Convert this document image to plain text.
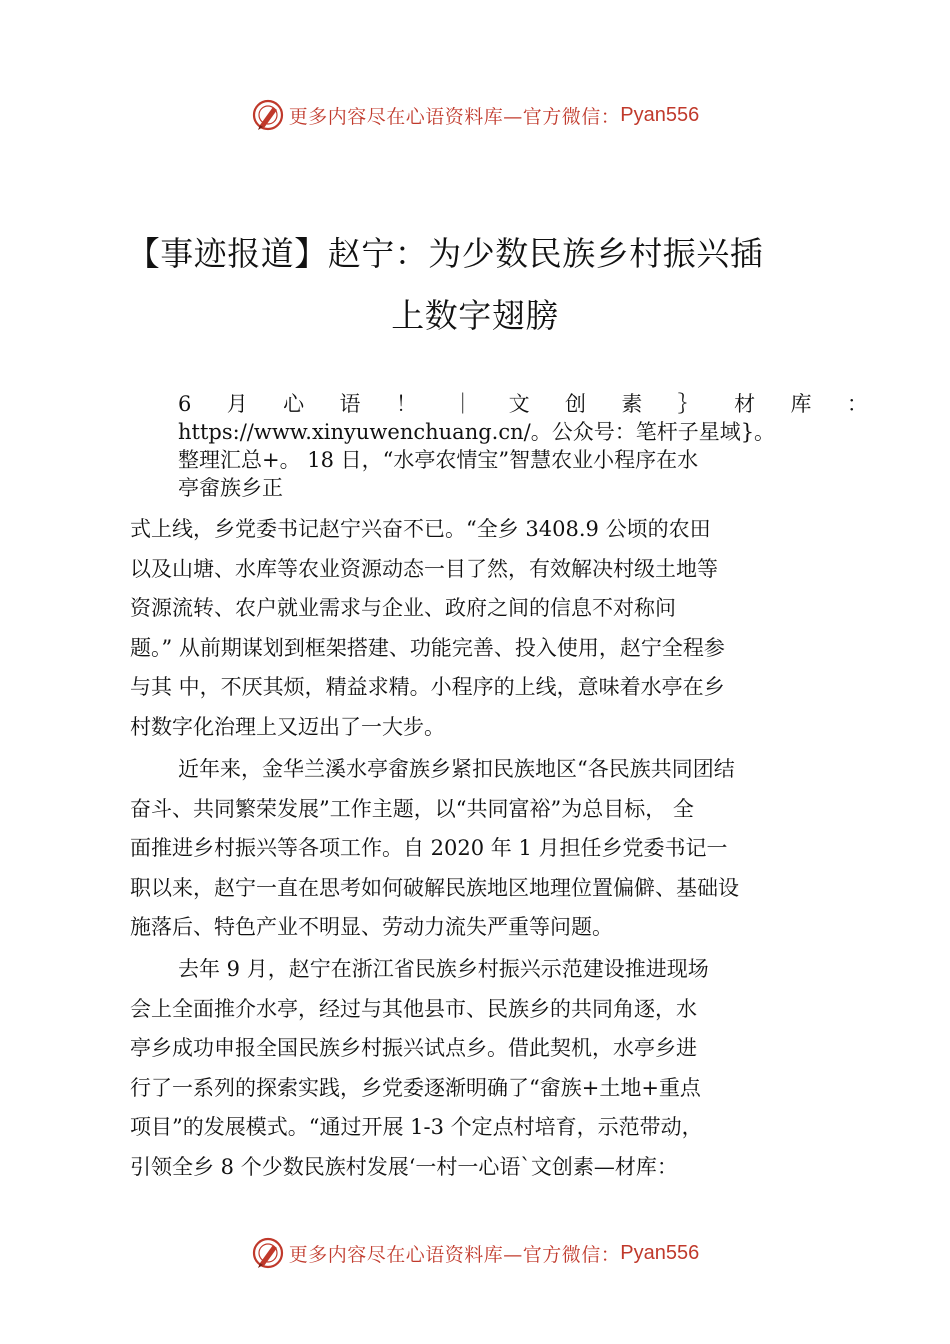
更多内容尽在心语资料库—官方微信： Pyan556
【事迹报道】赵宁：为少数民族乡村振兴插
上数字翅膀
6 月 心 语 ！ ｜ 文 创 素 ｝ 材 库 ：
https://www.xinyuwenchuang.cn/。公众号：笔杆子星域}。
整理汇总+。 18 日，“水亭农情宝”智慧农业小程序在水
亭畲族乡正

式上线，乡党委书记赵宁兴奋不已。“全乡 3408.9 公顷的农田
以及山塘、水库等农业资源动态一目了然，有效解决村级土地等
资源流转、农户就业需求与企业、政府之间的信息不对称问
题。” 从前期谋划到框架搭建、功能完善、投入使用，赵宁全程参
与其 中，不厌其烦，精益求精。小程序的上线，意味着水亭在乡
村数字化治理上又迈出了一大步。

近年来，金华兰溪水亭畲族乡紧扣民族地区“各民族共同团结
奋斗、共同繁荣发展”工作主题，以“共同富裕”为总目标， 全
面推进乡村振兴等各项工作。自 2020 年 1 月担任乡党委书记一
职以来，赵宁一直在思考如何破解民族地区地理位置偏僻、基础设
施落后、特色产业不明显、劳动力流失严重等问题。

去年 9 月，赵宁在浙江省民族乡村振兴示范建设推进现场
会上全面推介水亭，经过与其他县市、民族乡的共同角逐，水
亭乡成功申报全国民族乡村振兴试点乡。借此契机，水亭乡进
行了一系列的探索实践，乡党委逐渐明确了“畲族+土地+重点
项目”的发展模式。“通过开展 1-3 个定点村培育，示范带动，
引领全乡 8 个少数民族村发展‘一村一心语`文创素—材库：

更多内容尽在心语资料库—官方微信： Pyan556
